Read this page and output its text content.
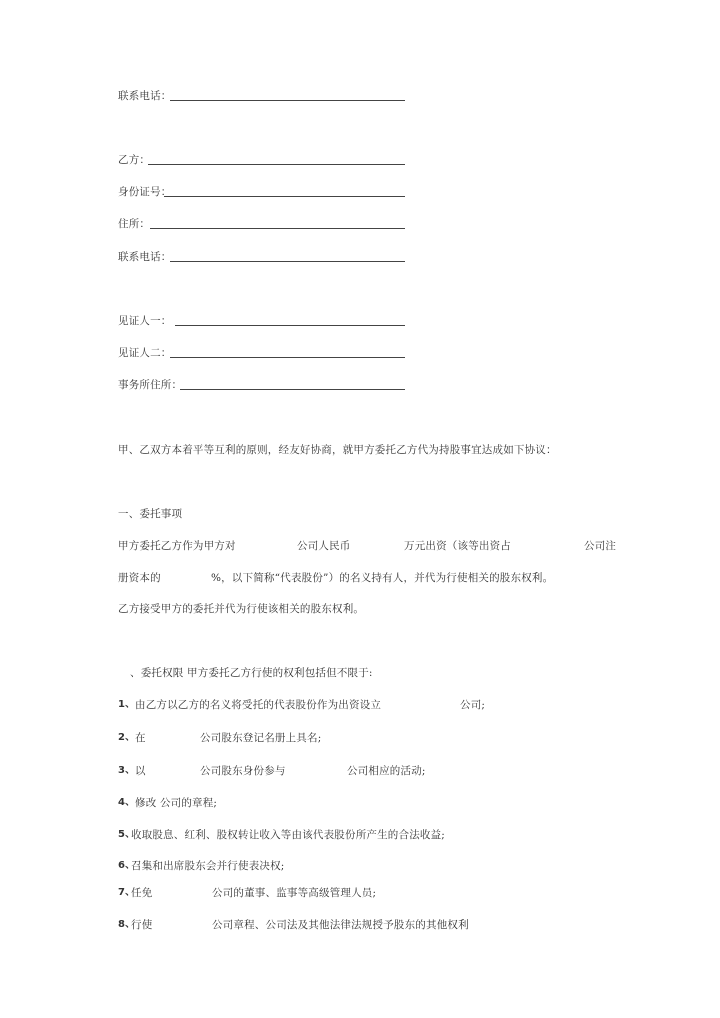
联系电话：
乙方：
身份证号：
住所：
联系电话：
见证人一：
见证人二：
事务所住所：
甲、乙双方本着平等互利的原则，经友好协商，就甲方委托乙方代为持股事宜达成如下协议：
一、委托事项
甲方委托乙方作为甲方对	公司人民币	万元出资（该等出资占	公司注
册资本的	%，以下简称“代表股份”）的名义持有人，并代为行使相关的股东权利。
乙方接受甲方的委托并代为行使该相关的股东权利。
、委托权限 甲方委托乙方行使的权利包括但不限于:
1、 由乙方以乙方的名义将受托的代表股份作为出资设立	公司;
2、 在	公司股东登记名册上具名;
3、 以	公司股东身份参与	公司相应的活动;
4、 修改 公司的章程;
5、
收取股息、红利、股权转让收入等由该代表股份所产生的合法收益;
6、
召集和出席股东会并行使表决权;
7、
任免	公司的董事、监事等高级管理人员;
8、
行使	公司章程、公司法及其他法律法规授予股东的其他权利
